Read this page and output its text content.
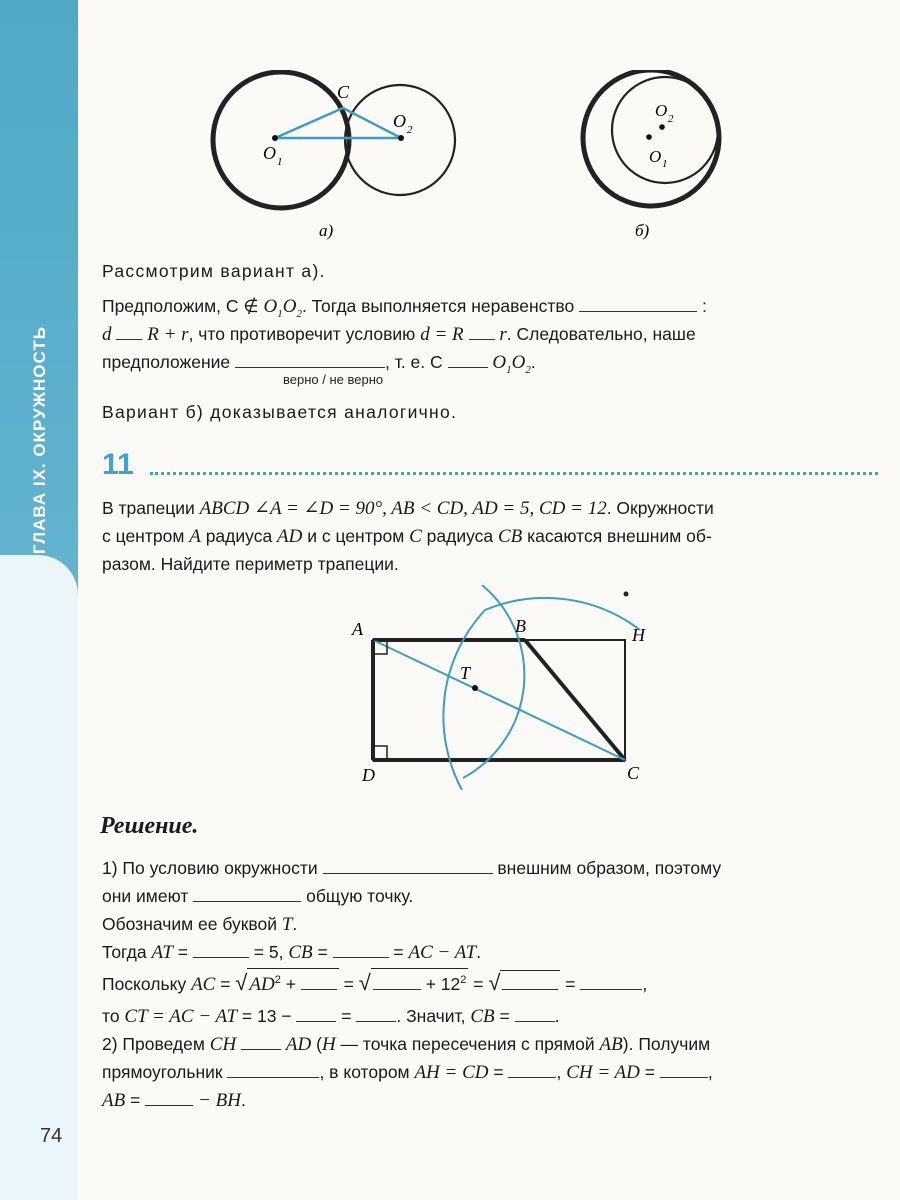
ГЛАВА IX. ОКРУЖНОСТЬ
74
C
O 1
O 2
а)
O 2
O 1
б)

Рассмотрим вариант а).

Предположим, C ∉ $O_1O_2$. Тогда выполняется неравенство	:

d R + r, что противоречит условию d = R r. Следовательно, наше

предположение	, т. е. C	$O_1O_2$.

верно / не верно

Вариант б) доказывается аналогично.

11

В трапеции ABCD ∠A = ∠D = 90°, AB < CD, AD = 5, CD = 12. Окружности

с центром A радиуса AD и с центром C радиуса CB касаются внешним об-

разом. Найдите периметр трапеции.

A	B	H
T
D	C
Решение.

1) По условию окружности	внешним образом, поэтому

они имеют	общую точку.

Обозначим ее буквой T.

Тогда AT =	= 5, CB =	= AC − AT.

Поскольку AC = √ $AD^2$ +  = √	+ $12^2$ = √	=	,

то CT = AC − AT = 13 −	= . Значит, CB = .

2) Проведем CH	AD (H — точка пересечения с прямой AB). Получим

прямоугольник	, в котором AH = CD =	, CH = AD =	,

AB =	− BH.
